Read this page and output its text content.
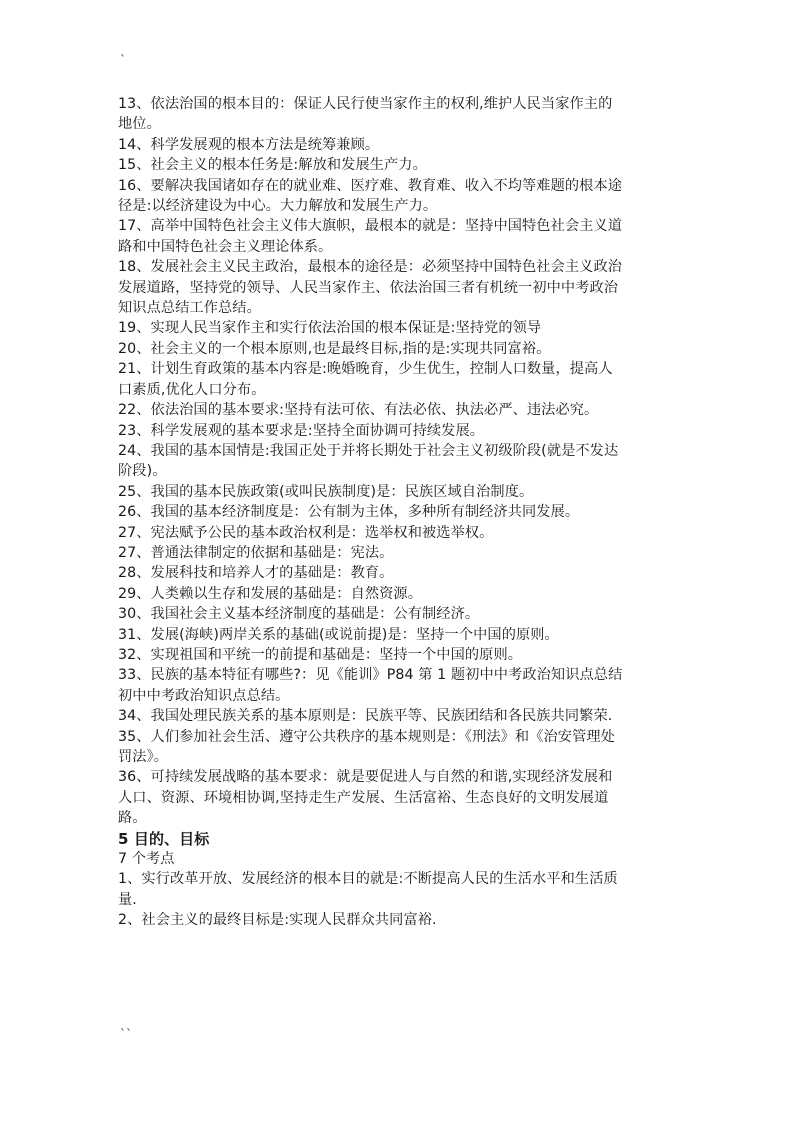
`
13、依法治国的根本目的：保证人民行使当家作主的权利,维护人民当家作主的
地位。
14、科学发展观的根本方法是统筹兼顾。
15、社会主义的根本任务是:解放和发展生产力。
16、要解决我国诸如存在的就业难、医疗难、教育难、收入不均等难题的根本途
径是:以经济建设为中心。大力解放和发展生产力。
17、高举中国特色社会主义伟大旗帜，最根本的就是：坚持中国特色社会主义道
路和中国特色社会主义理论体系。
18、发展社会主义民主政治，最根本的途径是：必须坚持中国特色社会主义政治
发展道路，坚持党的领导、人民当家作主、依法治国三者有机统一初中中考政治
知识点总结工作总结。
19、实现人民当家作主和实行依法治国的根本保证是:坚持党的领导
20、社会主义的一个根本原则,也是最终目标,指的是:实现共同富裕。
21、计划生育政策的基本内容是:晚婚晚育，少生优生，控制人口数量，提高人
口素质,优化人口分布。
22、依法治国的基本要求:坚持有法可依、有法必依、执法必严、违法必究。
23、科学发展观的基本要求是:坚持全面协调可持续发展。
24、我国的基本国情是:我国正处于并将长期处于社会主义初级阶段(就是不发达
阶段)。
25、我国的基本民族政策(或叫民族制度)是：民族区域自治制度。
26、我国的基本经济制度是：公有制为主体，多种所有制经济共同发展。
27、宪法赋予公民的基本政治权利是：选举权和被选举权。
27、普通法律制定的依据和基础是：宪法。
28、发展科技和培养人才的基础是：教育。
29、人类赖以生存和发展的基础是：自然资源。
30、我国社会主义基本经济制度的基础是：公有制经济。
31、发展(海峡)两岸关系的基础(或说前提)是：坚持一个中国的原则。
32、实现祖国和平统一的前提和基础是：坚持一个中国的原则。
33、民族的基本特征有哪些?：见《能训》P84 第 1 题初中中考政治知识点总结
初中中考政治知识点总结。
34、我国处理民族关系的基本原则是：民族平等、民族团结和各民族共同繁荣.
35、人们参加社会生活、遵守公共秩序的基本规则是：《刑法》和《治安管理处
罚法》。
36、可持续发展战略的基本要求：就是要促进人与自然的和谐,实现经济发展和
人口、资源、环境相协调,坚持走生产发展、生活富裕、生态良好的文明发展道
路。
5 目的、目标
7 个考点
1、实行改革开放、发展经济的根本目的就是:不断提高人民的生活水平和生活质
量.
2、社会主义的最终目标是:实现人民群众共同富裕.
``
